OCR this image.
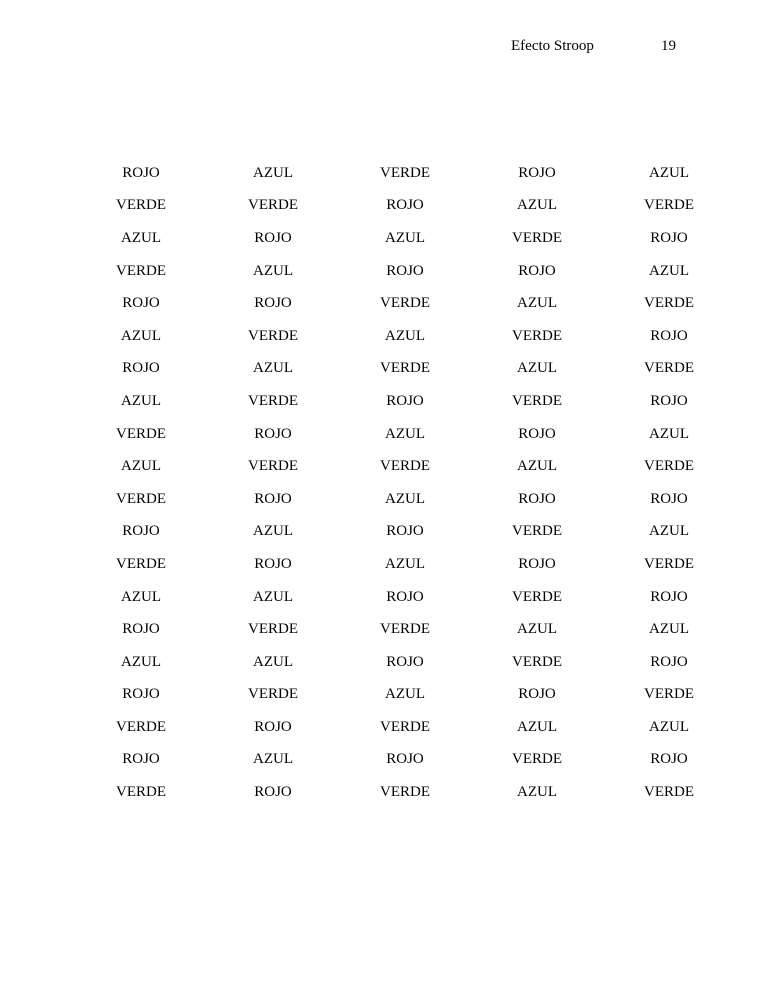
Efecto Stroop	19
ROJO	AZUL	VERDE	ROJO	AZUL
VERDE	VERDE	ROJO	AZUL	VERDE
AZUL	ROJO	AZUL	VERDE	ROJO
VERDE	AZUL	ROJO	ROJO	AZUL
ROJO	ROJO	VERDE	AZUL	VERDE
AZUL	VERDE	AZUL	VERDE	ROJO
ROJO	AZUL	VERDE	AZUL	VERDE
AZUL	VERDE	ROJO	VERDE	ROJO
VERDE	ROJO	AZUL	ROJO	AZUL
AZUL	VERDE	VERDE	AZUL	VERDE
VERDE	ROJO	AZUL	ROJO	ROJO
ROJO	AZUL	ROJO	VERDE	AZUL
VERDE	ROJO	AZUL	ROJO	VERDE
AZUL	AZUL	ROJO	VERDE	ROJO
ROJO	VERDE	VERDE	AZUL	AZUL
AZUL	AZUL	ROJO	VERDE	ROJO
ROJO	VERDE	AZUL	ROJO	VERDE
VERDE	ROJO	VERDE	AZUL	AZUL
ROJO	AZUL	ROJO	VERDE	ROJO
VERDE	ROJO	VERDE	AZUL	VERDE
